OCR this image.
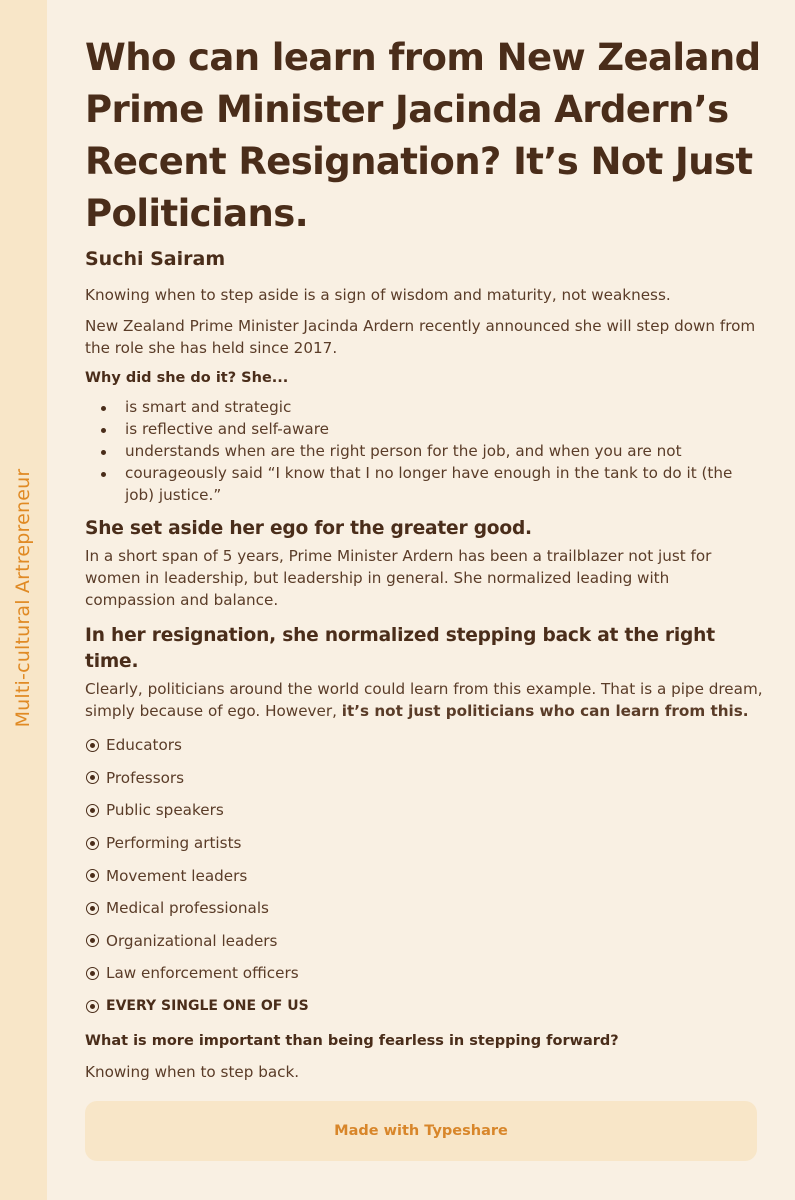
Multi-cultural Artrepreneur
Who can learn from New Zealand Prime Minister Jacinda Ardern’s Recent Resignation? It’s Not Just Politicians.
Suchi Sairam

Knowing when to step aside is a sign of wisdom and maturity, not weakness.

New Zealand Prime Minister Jacinda Ardern recently announced she will step down from the role she has held since 2017.

Why did she do it? She...

is smart and strategic
is reflective and self-aware
understands when are the right person for the job, and when you are not
courageously said “I know that I no longer have enough in the tank to do it (the job) justice.”
She set aside her ego for the greater good.

In a short span of 5 years, Prime Minister Ardern has been a trailblazer not just for women in leadership, but leadership in general. She normalized leading with compassion and balance.

In her resignation, she normalized stepping back at the right time.

Clearly, politicians around the world could learn from this example. That is a pipe dream, simply because of ego. However, it’s not just politicians who can learn from this.

Educators
Professors
Public speakers
Performing artists
Movement leaders
Medical professionals
Organizational leaders
Law enforcement officers
EVERY SINGLE ONE OF US

What is more important than being fearless in stepping forward?

Knowing when to step back.

Made with Typeshare
